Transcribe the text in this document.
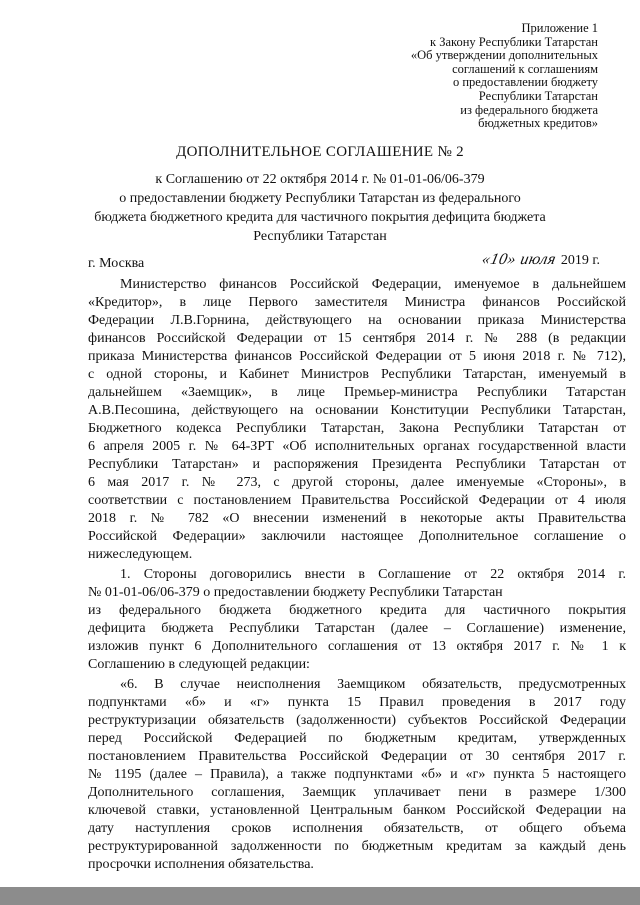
Приложение 1
к Закону Республики Татарстан
«Об утверждении дополнительных
соглашений к соглашениям
о предоставлении бюджету
Республики Татарстан
из федерального бюджета
бюджетных кредитов»
ДОПОЛНИТЕЛЬНОЕ СОГЛАШЕНИЕ № 2
к Соглашению от 22 октября 2014 г. № 01-01-06/06-379
о предоставлении бюджету Республики Татарстан из федерального
бюджета бюджетного кредита для частичного покрытия дефицита бюджета
Республики Татарстан
г. Москва	«10» июля 2019 г.
Министерство финансов Российской Федерации, именуемое в дальнейшем
«Кредитор», в лице Первого заместителя Министра финансов Российской
Федерации Л.В.Горнина, действующего на основании приказа Министерства
финансов Российской Федерации от 15 сентября 2014 г. № 288 (в редакции
приказа Министерства финансов Российской Федерации от 5 июня 2018 г. № 712),
с одной стороны, и Кабинет Министров Республики Татарстан, именуемый в
дальнейшем «Заемщик», в лице Премьер-министра Республики Татарстан
А.В.Песошина, действующего на основании Конституции Республики Татарстан,
Бюджетного кодекса Республики Татарстан, Закона Республики Татарстан от
6 апреля 2005 г. № 64-ЗРТ «Об исполнительных органах государственной власти
Республики Татарстан» и распоряжения Президента Республики Татарстан от
6 мая 2017 г. № 273, с другой стороны, далее именуемые «Стороны», в
соответствии с постановлением Правительства Российской Федерации от 4 июля
2018 г. № 782 «О внесении изменений в некоторые акты Правительства
Российской Федерации» заключили настоящее Дополнительное соглашение о
нижеследующем.
1. Стороны договорились внести в Соглашение от 22 октября 2014 г.
№ 01-01-06/06-379 о предоставлении бюджету Республики Татарстан
из федерального бюджета бюджетного кредита для частичного покрытия
дефицита бюджета Республики Татарстан (далее – Соглашение) изменение,
изложив пункт 6 Дополнительного соглашения от 13 октября 2017 г. № 1 к
Соглашению в следующей редакции:
«6. В случае неисполнения Заемщиком обязательств, предусмотренных
подпунктами «б» и «г» пункта 15 Правил проведения в 2017 году
реструктуризации обязательств (задолженности) субъектов Российской Федерации
перед Российской Федерацией по бюджетным кредитам, утвержденных
постановлением Правительства Российской Федерации от 30 сентября 2017 г.
№ 1195 (далее – Правила), а также подпунктами «б» и «г» пункта 5 настоящего
Дополнительного соглашения, Заемщик уплачивает пени в размере 1/300
ключевой ставки, установленной Центральным банком Российской Федерации на
дату наступления сроков исполнения обязательств, от общего объема
реструктурированной задолженности по бюджетным кредитам за каждый день
просрочки исполнения обязательства.
